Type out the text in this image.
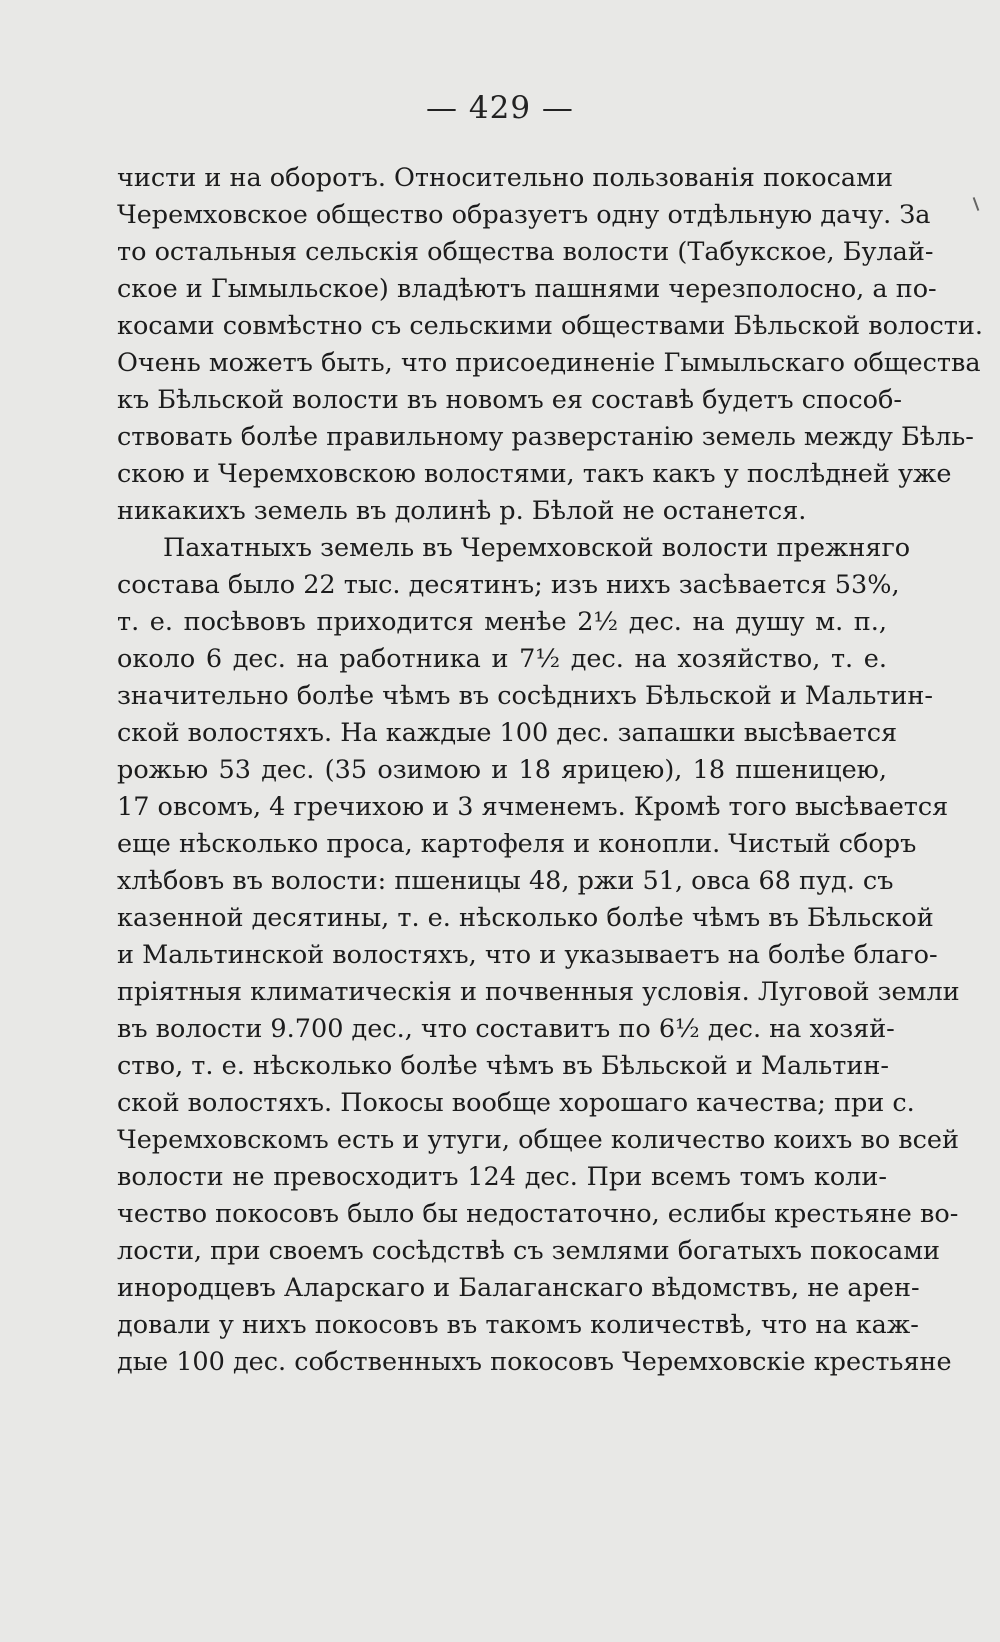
— 429 —
чисти и на оборотъ. Относительно пользованія покосами
Черемховское общество образуетъ одну отдѣльную дачу. За
то остальныя сельскія общества волости (Табукское, Булай-
ское и Гымыльское) владѣютъ пашнями черезполосно, а по-
косами совмѣстно съ сельскими обществами Бѣльской волости.
Очень можетъ быть, что присоединеніе Гымыльскаго общества
къ Бѣльской волости въ новомъ ея составѣ будетъ способ-
ствовать болѣе правильному разверстанію земель между Бѣль-
скою и Черемховскою волостями, такъ какъ у послѣдней уже
никакихъ земель въ долинѣ р. Бѣлой не останется.
Пахатныхъ земель въ Черемховской волости прежняго
состава было 22 тыс. десятинъ; изъ нихъ засѣвается 53%,
т. е. посѣвовъ приходится менѣе 2½ дес. на душу м. п.,
около 6 дес. на работника и 7½ дес. на хозяйство, т. е.
значительно болѣе чѣмъ въ сосѣднихъ Бѣльской и Мальтин-
ской волостяхъ. На каждые 100 дес. запашки высѣвается
рожью 53 дес. (35 озимою и 18 ярицею), 18 пшеницею,
17 овсомъ, 4 гречихою и 3 ячменемъ. Кромѣ того высѣвается
еще нѣсколько проса, картофеля и конопли. Чистый сборъ
хлѣбовъ въ волости: пшеницы 48, ржи 51, овса 68 пуд. съ
казенной десятины, т. е. нѣсколько болѣе чѣмъ въ Бѣльской
и Мальтинской волостяхъ, что и указываетъ на болѣе благо-
пріятныя климатическія и почвенныя условія. Луговой земли
въ волости 9.700 дес., что составитъ по 6½ дес. на хозяй-
ство, т. е. нѣсколько болѣе чѣмъ въ Бѣльской и Мальтин-
ской волостяхъ. Покосы вообще хорошаго качества; при с.
Черемховскомъ есть и утуги, общее количество коихъ во всей
волости не превосходитъ 124 дес. При всемъ томъ коли-
чество покосовъ было бы недостаточно, еслибы крестьяне во-
лости, при своемъ сосѣдствѣ съ землями богатыхъ покосами
инородцевъ Аларскаго и Балаганскаго вѣдомствъ, не арен-
довали у нихъ покосовъ въ такомъ количествѣ, что на каж-
дые 100 дес. собственныхъ покосовъ Черемховскіе крестьяне
